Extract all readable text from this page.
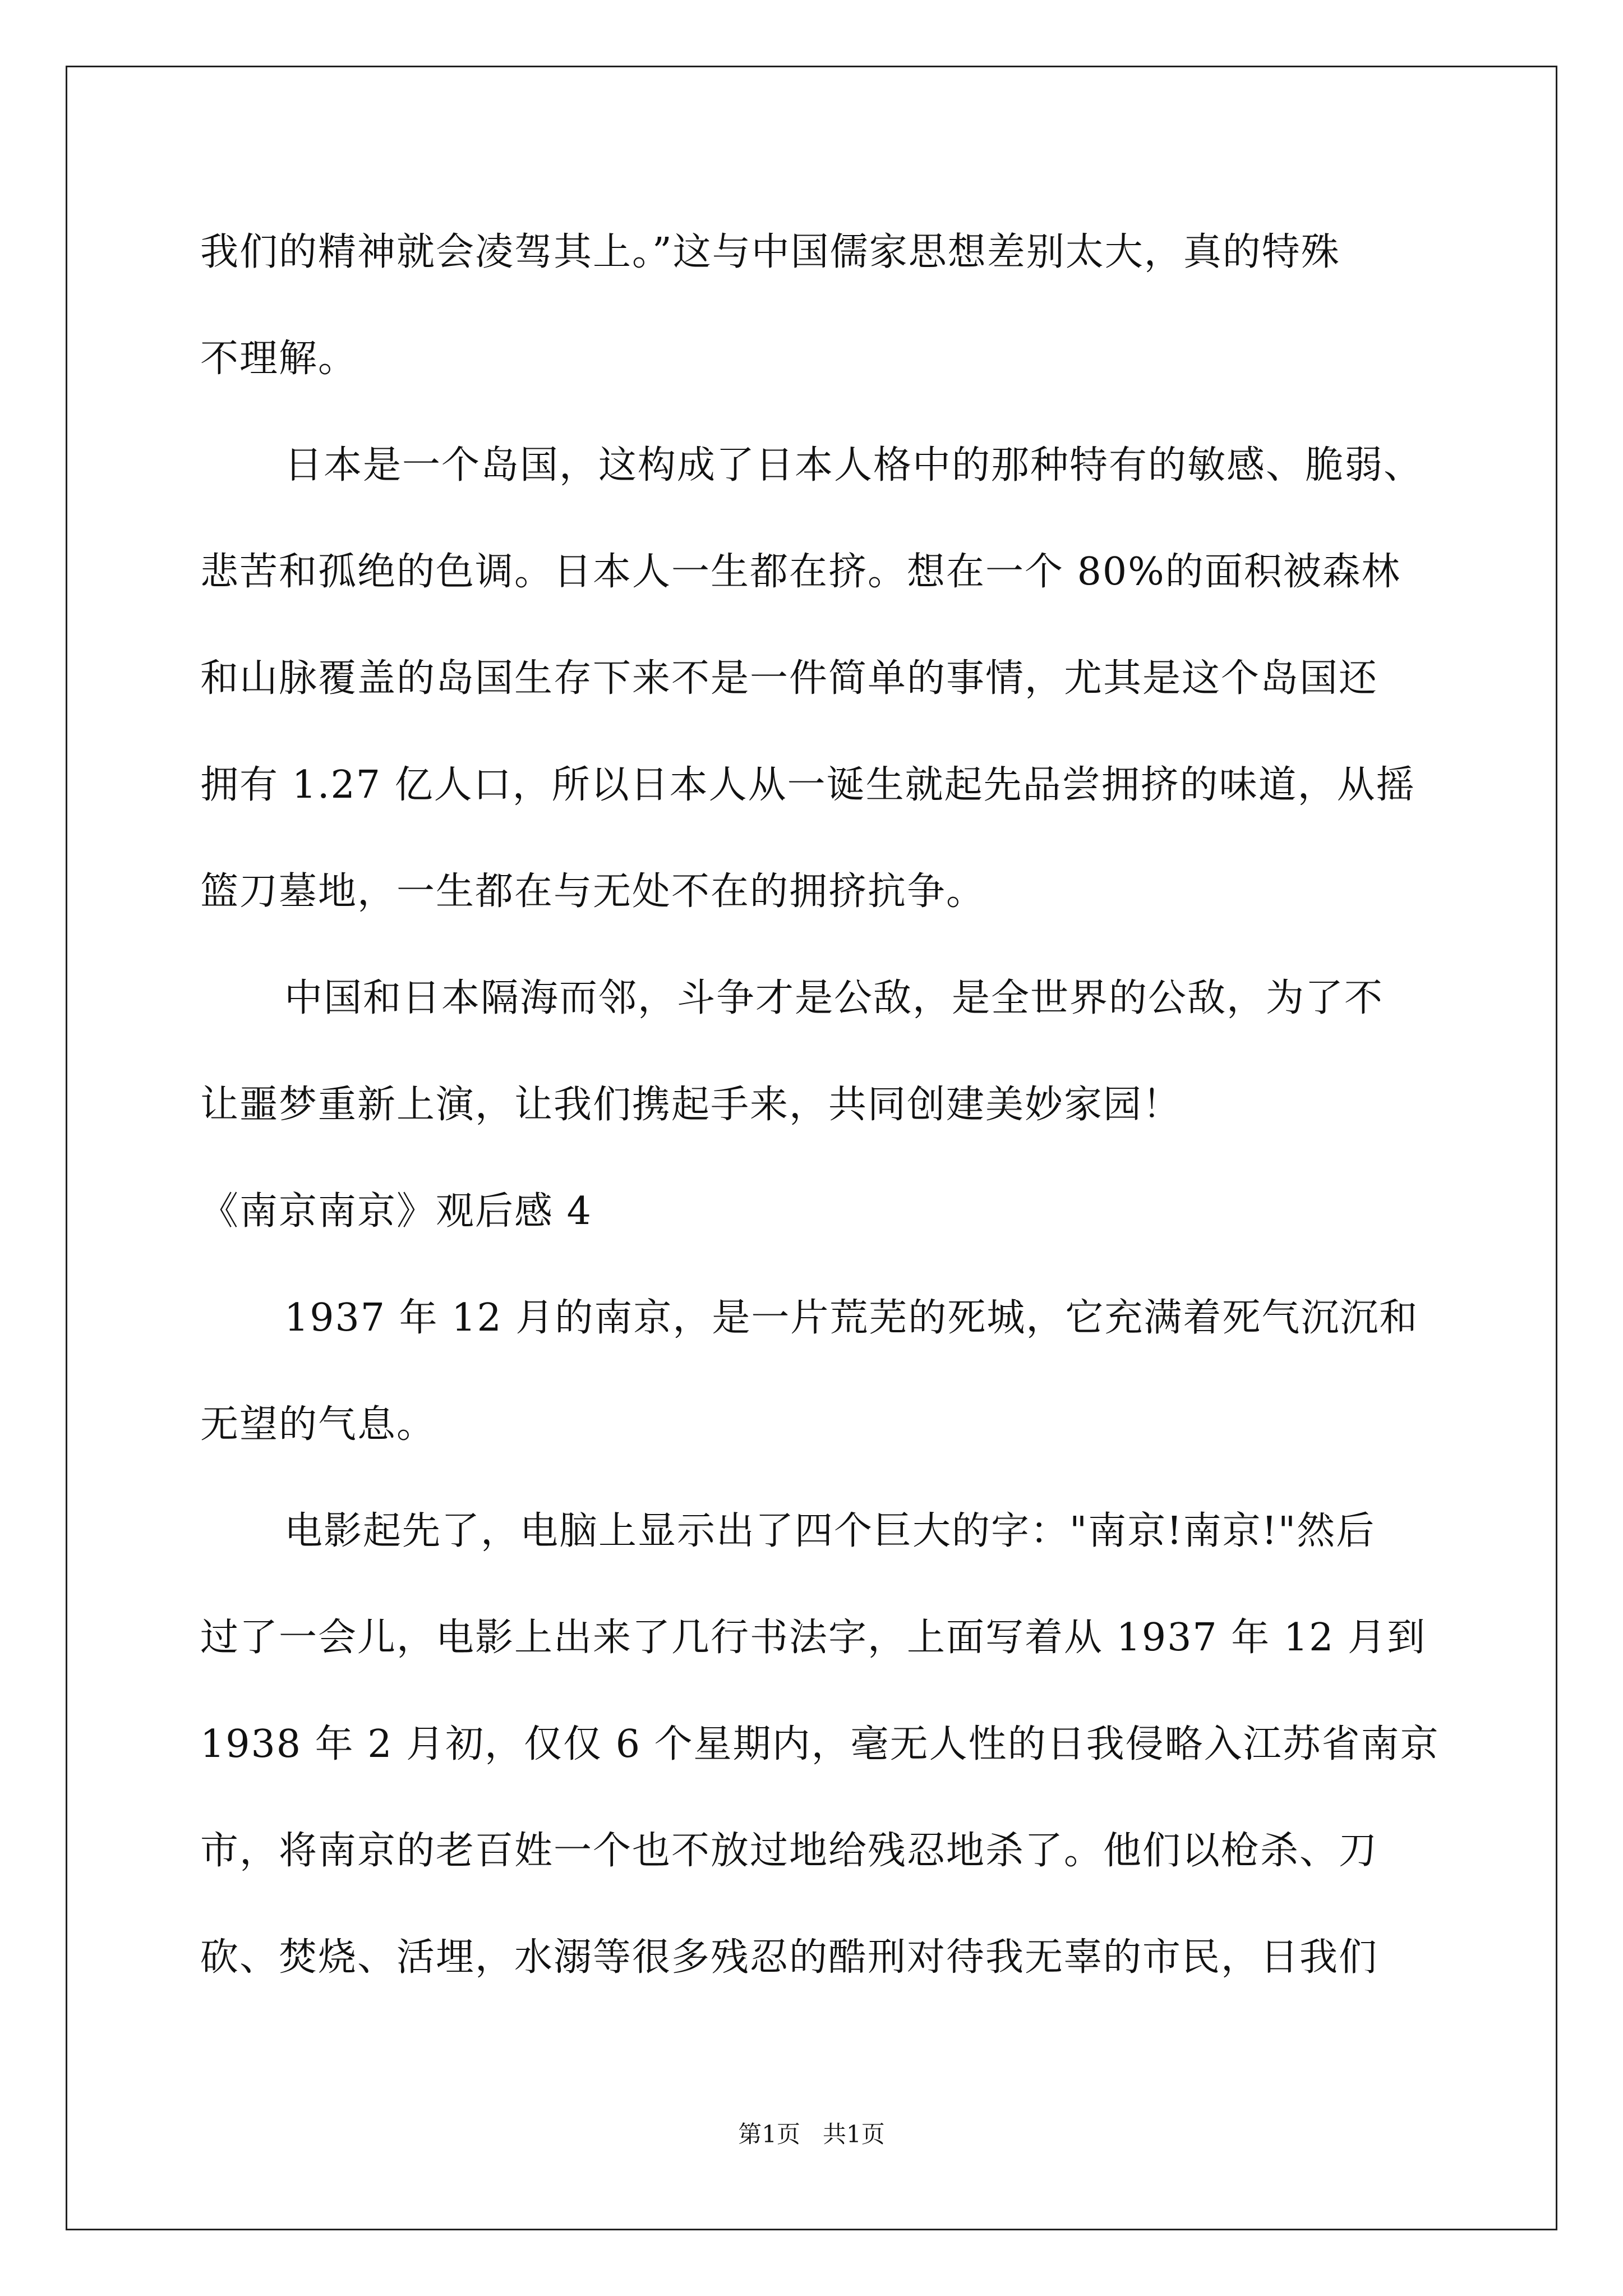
我们的精神就会凌驾其上。”这与中国儒家思想差别太大，真的特殊
不理解。
日本是一个岛国，这构成了日本人格中的那种特有的敏感、脆弱、
悲苦和孤绝的色调。日本人一生都在挤。想在一个 80%的面积被森林
和山脉覆盖的岛国生存下来不是一件简单的事情，尤其是这个岛国还
拥有 1.27 亿人口，所以日本人从一诞生就起先品尝拥挤的味道，从摇
篮刀墓地，一生都在与无处不在的拥挤抗争。
中国和日本隔海而邻，斗争才是公敌，是全世界的公敌，为了不
让噩梦重新上演，让我们携起手来，共同创建美妙家园！
《南京南京》观后感 4
1937 年 12 月的南京，是一片荒芜的死城，它充满着死气沉沉和
无望的气息。
电影起先了，电脑上显示出了四个巨大的字："南京!南京!"然后
过了一会儿，电影上出来了几行书法字，上面写着从 1937 年 12 月到
1938 年 2 月初，仅仅 6 个星期内，毫无人性的日我侵略入江苏省南京
市，将南京的老百姓一个也不放过地给残忍地杀了。他们以枪杀、刀
砍、焚烧、活埋，水溺等很多残忍的酷刑对待我无辜的市民，日我们
第1页   共1页
